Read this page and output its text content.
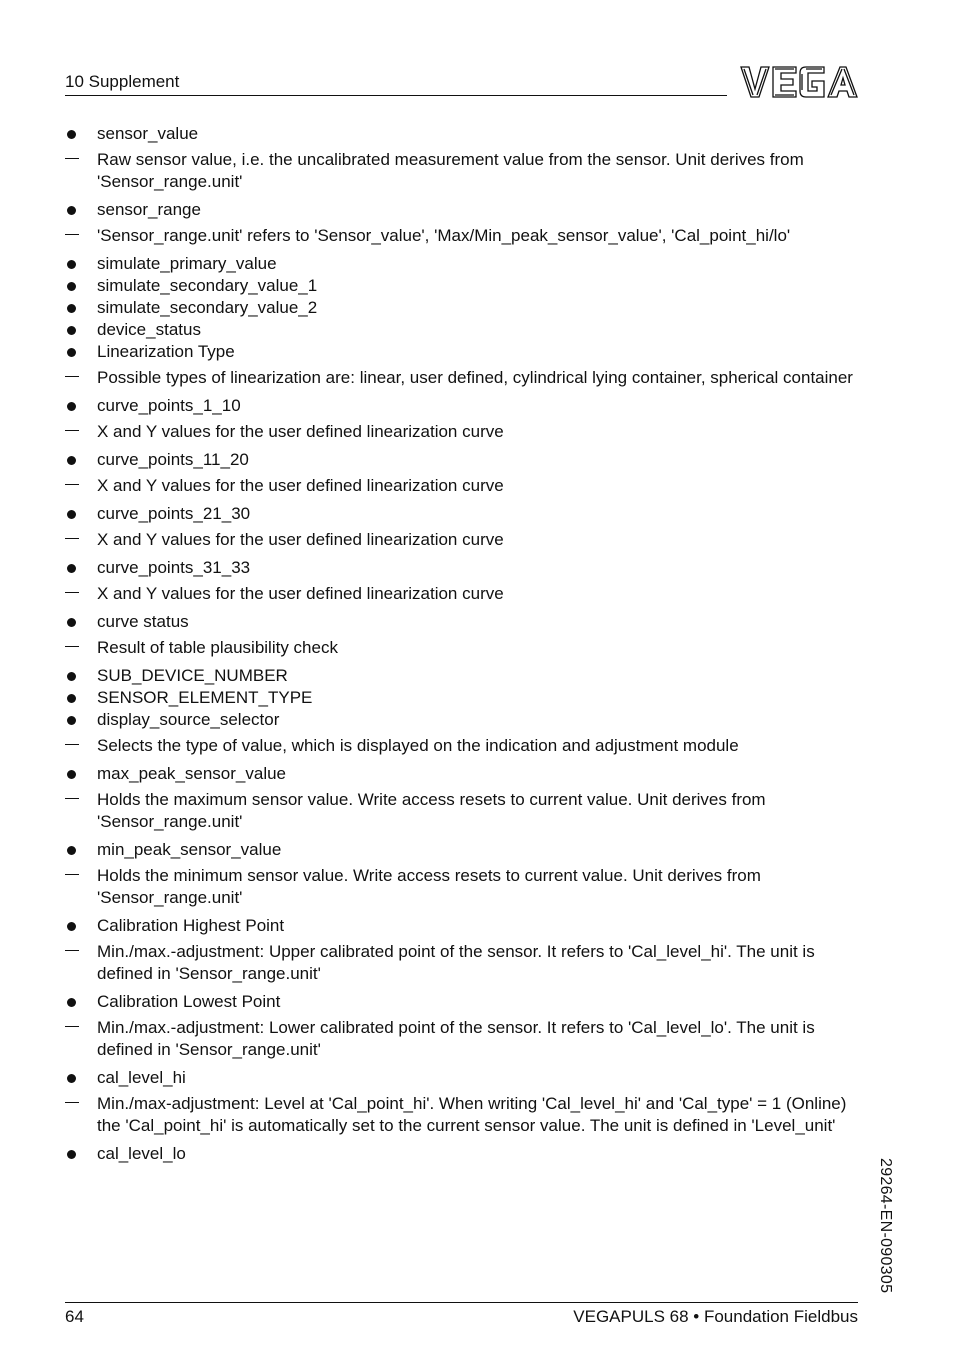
10 Supplement
sensor_value
Raw sensor value, i.e. the uncalibrated measurement value from the sensor. Unit derives from 'Sensor_range.unit'
sensor_range
'Sensor_range.unit' refers to 'Sensor_value', 'Max/Min_peak_sensor_value', 'Cal_point_hi/lo'
simulate_primary_value
simulate_secondary_value_1
simulate_secondary_value_2
device_status
Linearization Type
Possible types of linearization are: linear, user defined, cylindrical lying container, spherical container
curve_points_1_10
X and Y values for the user defined linearization curve
curve_points_11_20
X and Y values for the user defined linearization curve
curve_points_21_30
X and Y values for the user defined linearization curve
curve_points_31_33
X and Y values for the user defined linearization curve
curve status
Result of table plausibility check
SUB_DEVICE_NUMBER
SENSOR_ELEMENT_TYPE
display_source_selector
Selects the type of value, which is displayed on the indication and adjustment module
max_peak_sensor_value
Holds the maximum sensor value. Write access resets to current value. Unit derives from 'Sensor_range.unit'
min_peak_sensor_value
Holds the minimum sensor value. Write access resets to current value. Unit derives from 'Sensor_range.unit'
Calibration Highest Point
Min./max.-adjustment: Upper calibrated point of the sensor. It refers to 'Cal_level_hi'. The unit is defined in 'Sensor_range.unit'
Calibration Lowest Point
Min./max.-adjustment: Lower calibrated point of the sensor. It refers to 'Cal_level_lo'. The unit is defined in 'Sensor_range.unit'
cal_level_hi
Min./max-adjustment: Level at 'Cal_point_hi'. When writing 'Cal_level_hi' and 'Cal_type' = 1 (Online) the 'Cal_point_hi' is automatically set to the current sensor value. The unit is defined in 'Level_unit'
cal_level_lo
29264-EN-090305
64	VEGAPULS 68 • Foundation Fieldbus
